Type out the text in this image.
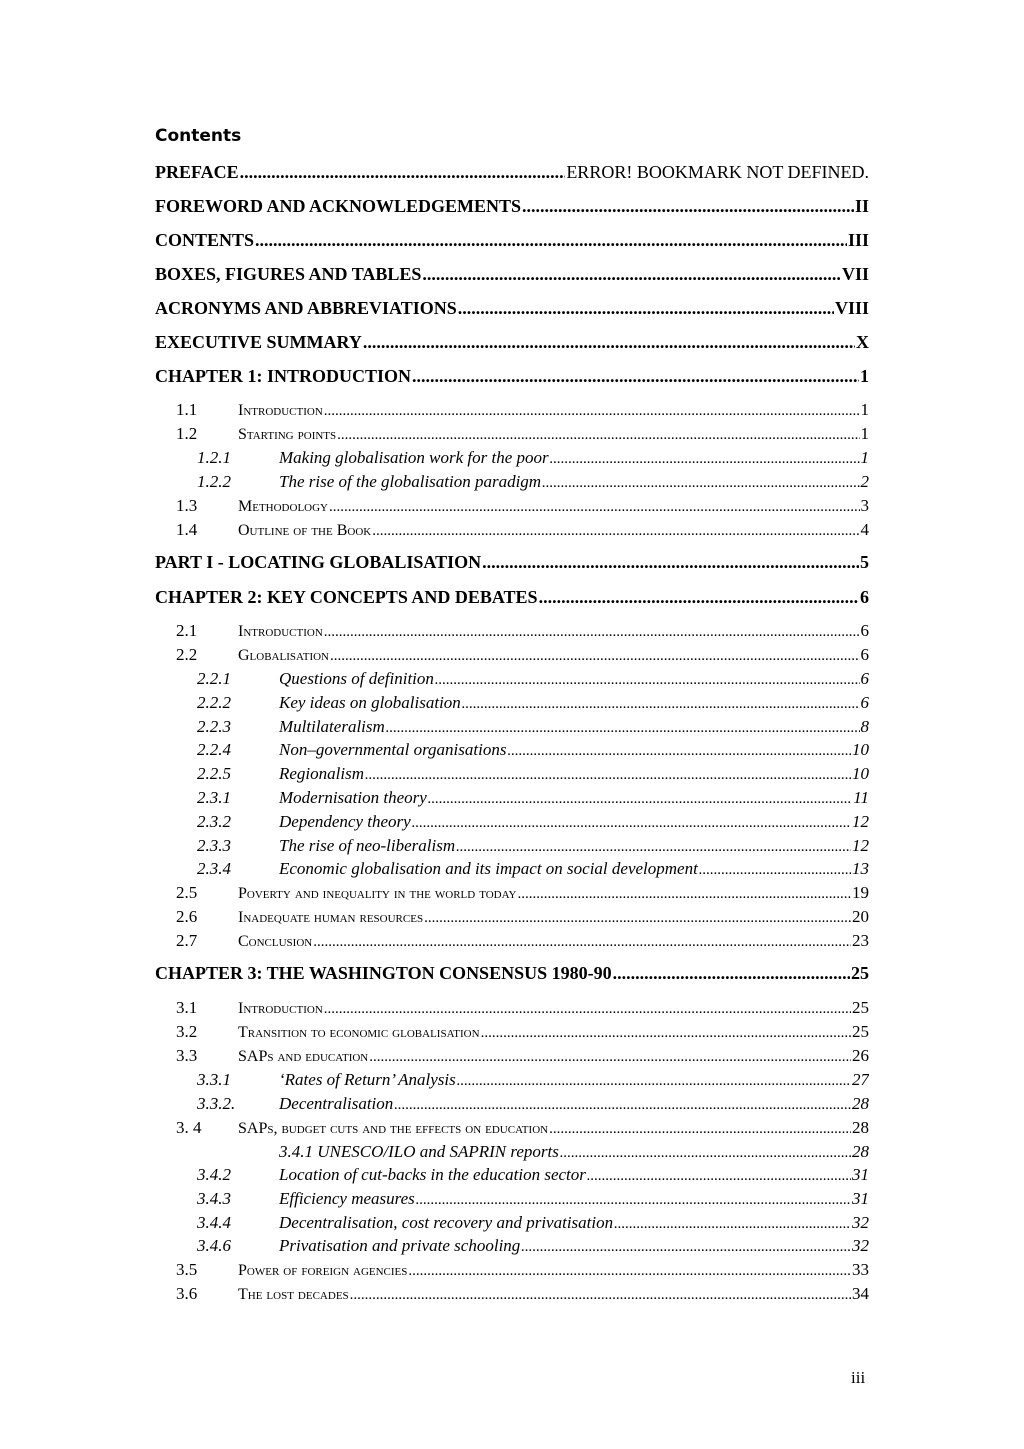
Contents
PREFACE .....	ERROR! BOOKMARK NOT DEFINED.
FOREWORD AND ACKNOWLEDGEMENTS .....	II
CONTENTS .....	III
BOXES, FIGURES AND TABLES .....	VII
ACRONYMS AND ABBREVIATIONS .....	VIII
EXECUTIVE SUMMARY .....	X
CHAPTER 1: INTRODUCTION .....	1
1.1	Introduction .....	1
1.2	Starting points .....	1
1.2.1	Making globalisation work for the poor .....	1
1.2.2	The rise of the globalisation paradigm .....	2
1.3	Methodology .....	3
1.4	Outline of the Book .....	4
PART I - LOCATING GLOBALISATION .....	5
CHAPTER 2: KEY CONCEPTS AND DEBATES .....	6
2.1	Introduction .....	6
2.2	Globalisation .....	6
2.2.1	Questions of definition .....	6
2.2.2	Key ideas on globalisation .....	6
2.2.3	Multilateralism .....	8
2.2.4	Non–governmental organisations .....	10
2.2.5	Regionalism .....	10
2.3.1	Modernisation theory .....	11
2.3.2	Dependency theory .....	12
2.3.3	The rise of neo-liberalism .....	12
2.3.4	Economic globalisation and its impact on social development .....	13
2.5	Poverty and inequality in the world today .....	19
2.6	Inadequate human resources .....	20
2.7	Conclusion .....	23
CHAPTER 3: THE WASHINGTON CONSENSUS 1980-90 .....	25
3.1	Introduction .....	25
3.2	Transition to economic globalisation .....	25
3.3	SAPs and education .....	26
3.3.1	‘Rates of Return’ Analysis .....	27
3.3.2.	Decentralisation .....	28
3. 4	SAPs, budget cuts and the effects on education .....	28
3.4.1 UNESCO/ILO and SAPRIN reports .....	28
3.4.2	Location of cut-backs in the education sector .....	31
3.4.3	Efficiency measures .....	31
3.4.4	Decentralisation, cost recovery and privatisation .....	32
3.4.6	Privatisation and private schooling .....	32
3.5	Power of foreign agencies .....	33
3.6	The lost decades .....	34
iii
